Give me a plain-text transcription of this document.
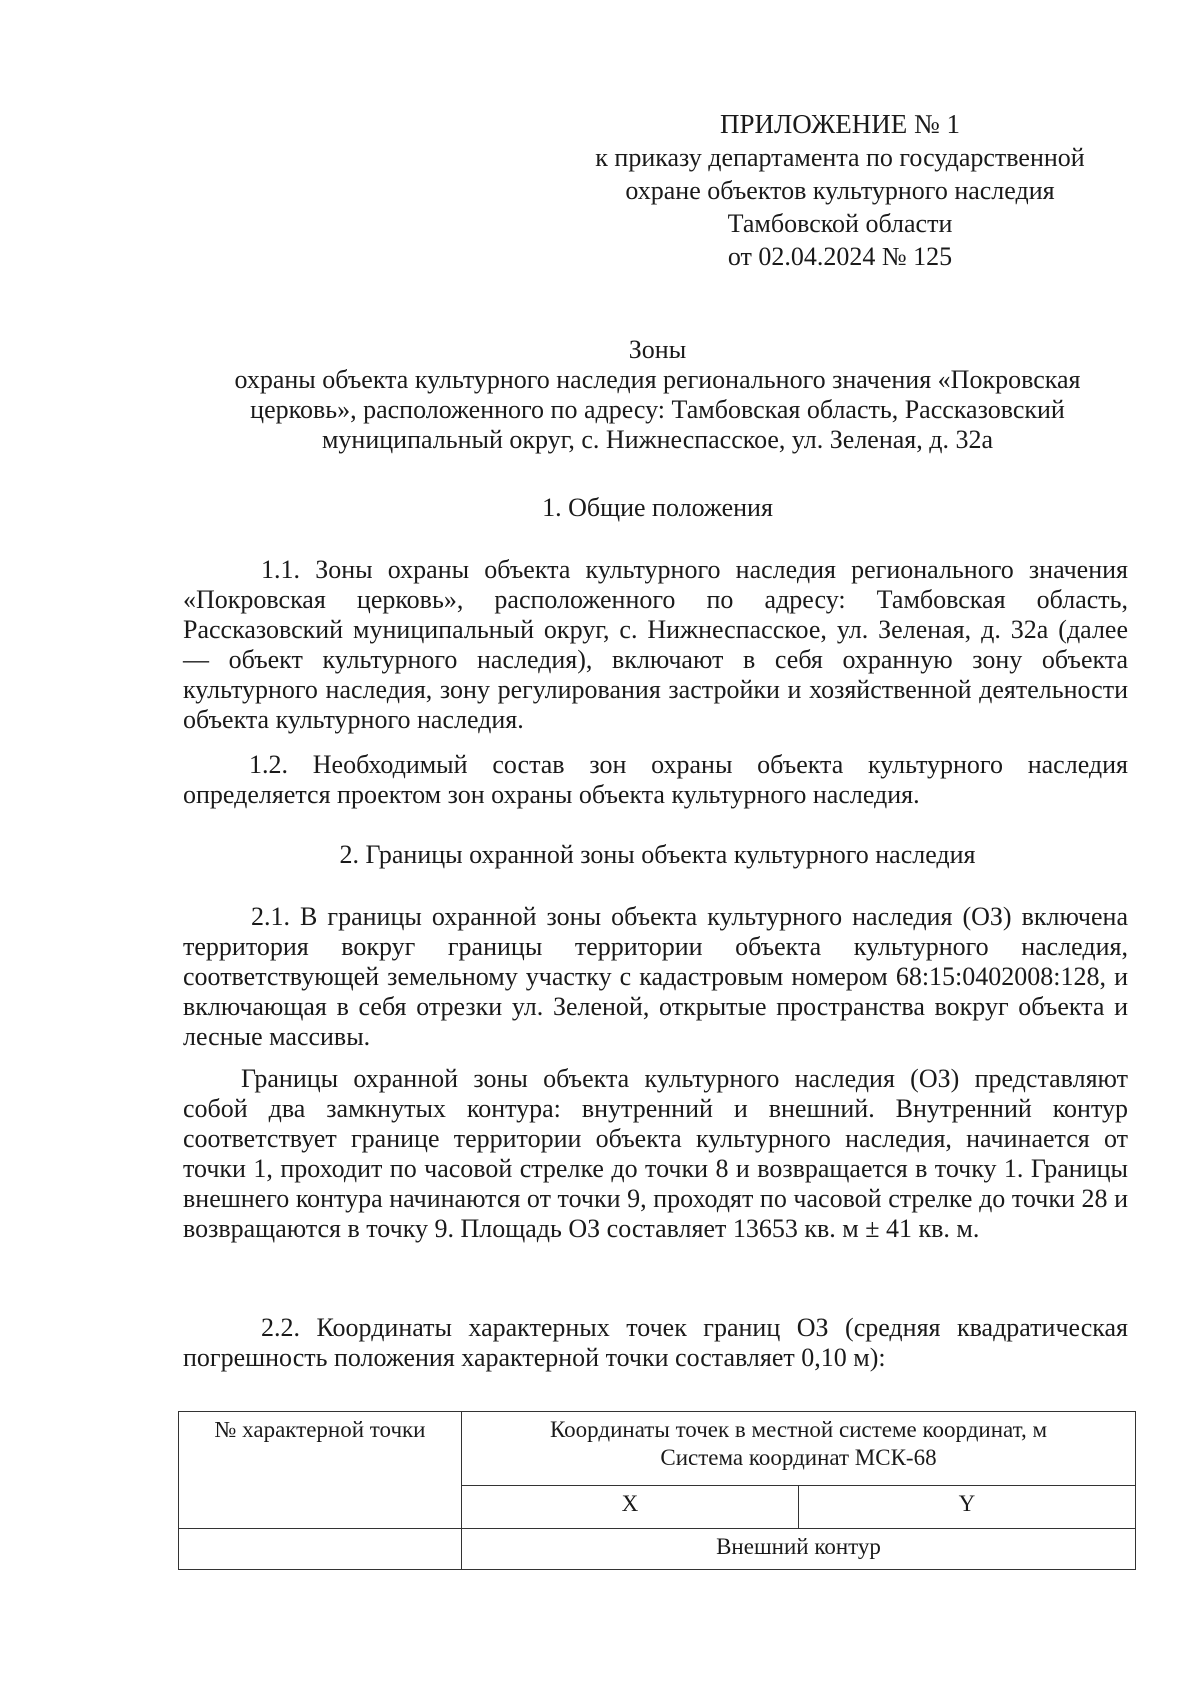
ПРИЛОЖЕНИЕ № 1
к приказу департамента по государственной
охране объектов культурного наследия
Тамбовской области
от 02.04.2024 № 125
Зоны
охраны объекта культурного наследия регионального значения «Покровская
церковь», расположенного по адресу: Тамбовская область, Рассказовский
муниципальный округ, с. Нижнеспасское, ул. Зеленая, д. 32а
1. Общие положения
1.1. Зоны охраны объекта культурного наследия регионального значения «Покровская церковь», расположенного по адресу: Тамбовская область, Рассказовский муниципальный округ, с. Нижнеспасское, ул. Зеленая, д. 32а (далее — объект культурного наследия), включают в себя охранную зону объекта культурного наследия, зону регулирования застройки и хозяйственной деятельности объекта культурного наследия.
1.2. Необходимый состав зон охраны объекта культурного наследия определяется проектом зон охраны объекта культурного наследия.
2. Границы охранной зоны объекта культурного наследия
2.1. В границы охранной зоны объекта культурного наследия (ОЗ) включена территория вокруг границы территории объекта культурного наследия, соответствующей земельному участку с кадастровым номером 68:15:0402008:128, и включающая в себя отрезки ул. Зеленой, открытые пространства вокруг объекта и лесные массивы.
Границы охранной зоны объекта культурного наследия (ОЗ) представляют собой два замкнутых контура: внутренний и внешний. Внутренний контур соответствует границе территории объекта культурного наследия, начинается от точки 1, проходит по часовой стрелке до точки 8 и возвращается в точку 1. Границы внешнего контура начинаются от точки 9, проходят по часовой стрелке до точки 28 и возвращаются в точку 9. Площадь ОЗ составляет 13653 кв. м ± 41 кв. м.
2.2. Координаты характерных точек границ ОЗ (средняя квадратическая погрешность положения характерной точки составляет 0,10 м):
№ характерной точки	Координаты точек в местной системе координат, м
Система координат МСК-68	

	X	Y
	Внешний контур	
